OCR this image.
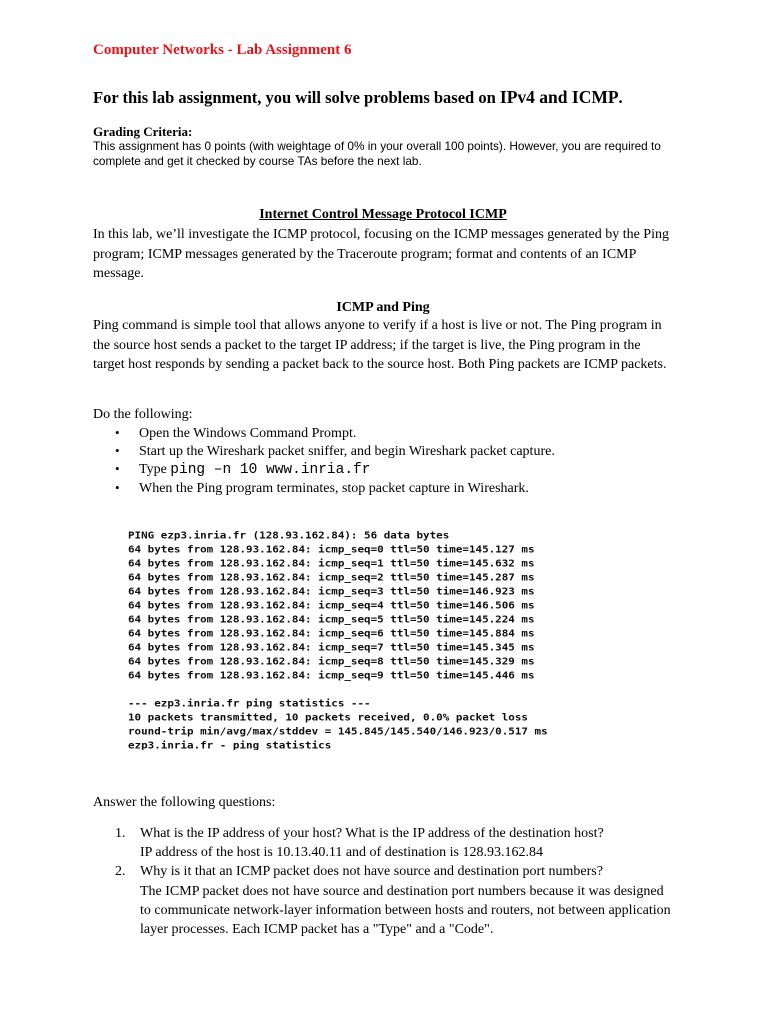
Computer Networks - Lab Assignment 6
For this lab assignment, you will solve problems based on IPv4 and ICMP.
Grading Criteria:
This assignment has 0 points (with weightage of 0% in your overall 100 points). However, you are required to complete and get it checked by course TAs before the next lab.
Internet Control Message Protocol ICMP
In this lab, we’ll investigate the ICMP protocol, focusing on the ICMP messages generated by the Ping program; ICMP messages generated by the Traceroute program; format and contents of an ICMP message.
ICMP and Ping
Ping command is simple tool that allows anyone to verify if a host is live or not. The Ping program in the source host sends a packet to the target IP address; if the target is live, the Ping program in the target host responds by sending a packet back to the source host. Both Ping packets are ICMP packets.
Do the following:
• Open the Windows Command Prompt.
• Start up the Wireshark packet sniffer, and begin Wireshark packet capture.
• Type ping –n 10 www.inria.fr
• When the Ping program terminates, stop packet capture in Wireshark.
PING ezp3.inria.fr (128.93.162.84): 56 data bytes
64 bytes from 128.93.162.84: icmp_seq=0 ttl=50 time=145.127 ms
64 bytes from 128.93.162.84: icmp_seq=1 ttl=50 time=145.632 ms
64 bytes from 128.93.162.84: icmp_seq=2 ttl=50 time=145.287 ms
64 bytes from 128.93.162.84: icmp_seq=3 ttl=50 time=146.923 ms
64 bytes from 128.93.162.84: icmp_seq=4 ttl=50 time=146.506 ms
64 bytes from 128.93.162.84: icmp_seq=5 ttl=50 time=145.224 ms
64 bytes from 128.93.162.84: icmp_seq=6 ttl=50 time=145.884 ms
64 bytes from 128.93.162.84: icmp_seq=7 ttl=50 time=145.345 ms
64 bytes from 128.93.162.84: icmp_seq=8 ttl=50 time=145.329 ms
64 bytes from 128.93.162.84: icmp_seq=9 ttl=50 time=145.446 ms
--- ezp3.inria.fr ping statistics ---
10 packets transmitted, 10 packets received, 0.0% packet loss
round-trip min/avg/max/stddev = 145.845/145.540/146.923/0.517 ms
ezp3.inria.fr - ping statistics
Answer the following questions:
1. What is the IP address of your host? What is the IP address of the destination host?
IP address of the host is 10.13.40.11 and of destination is 128.93.162.84
2. Why is it that an ICMP packet does not have source and destination port numbers?
The ICMP packet does not have source and destination port numbers because it was designed to communicate network-layer information between hosts and routers, not between application layer processes. Each ICMP packet has a "Type" and a "Code".
